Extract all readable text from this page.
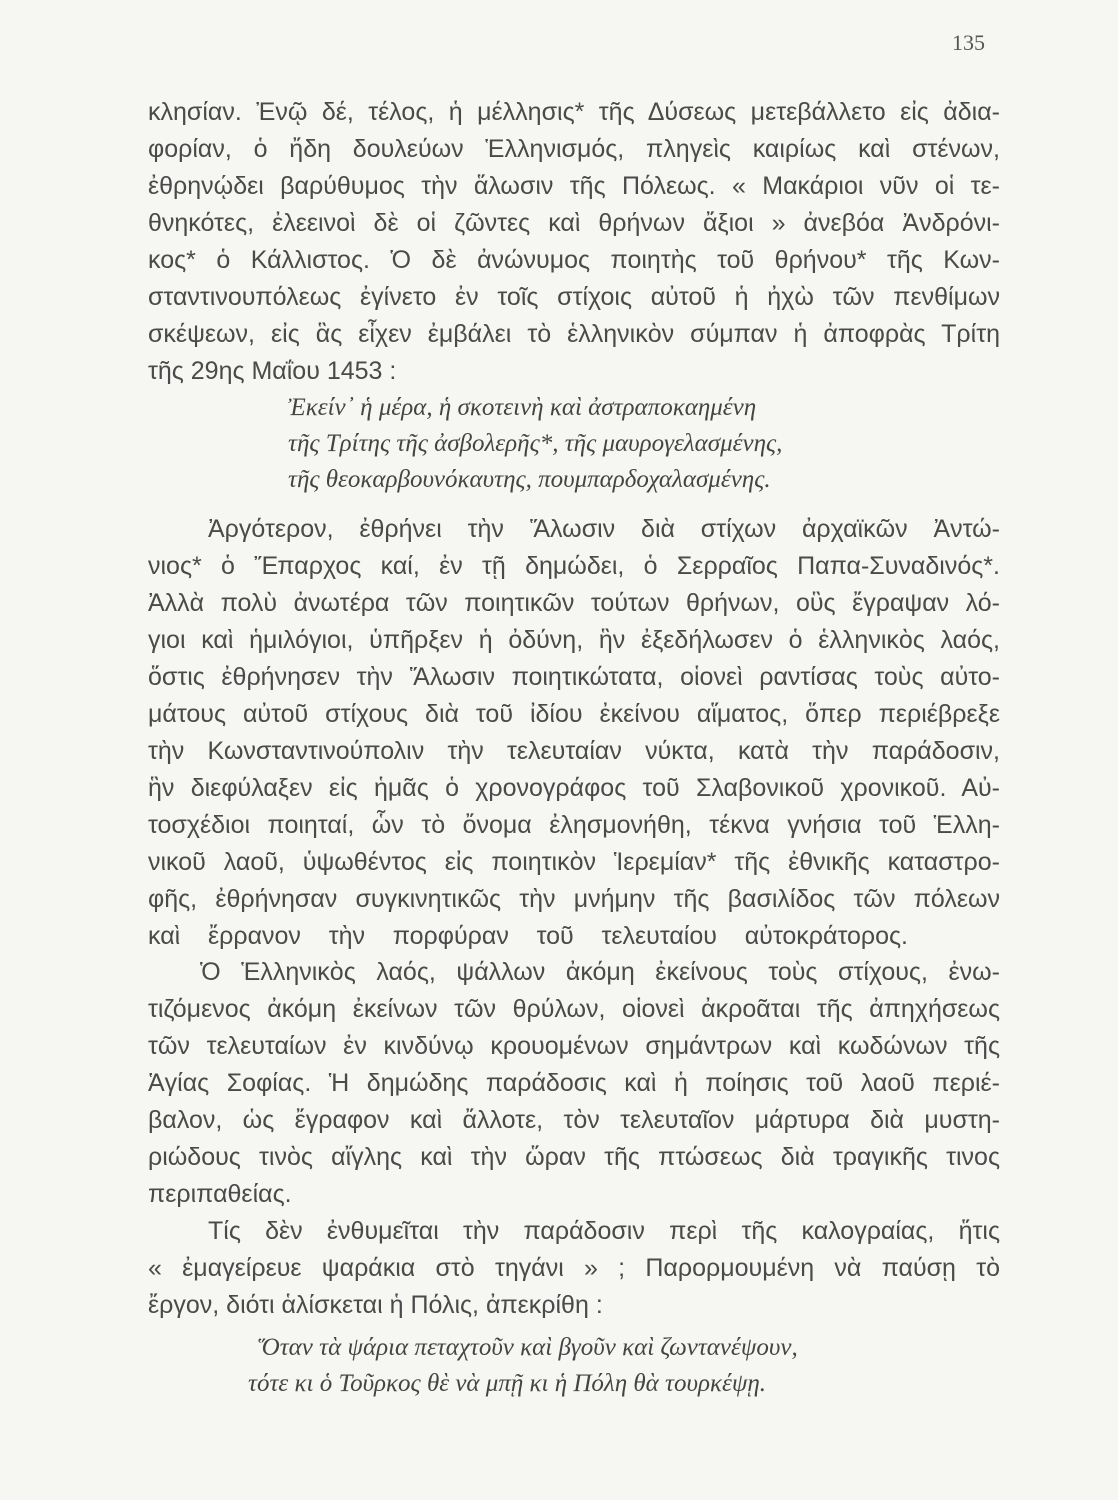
135
κλησίαν. Ἐνῷ δέ, τέλος, ἡ μέλλησις* τῆς Δύσεως μετεβάλλετο εἰς ἀδια-
φορίαν, ὁ ἤδη δουλεύων Ἑλληνισμός, πληγεὶς καιρίως καὶ στένων,
ἐθρηνῴδει βαρύθυμος τὴν ἅλωσιν τῆς Πόλεως. « Μακάριοι νῦν οἱ τε-
θνηκότες, ἐλεεινοὶ δὲ οἱ ζῶντες καὶ θρήνων ἄξιοι » ἀνεβόα Ἀνδρόνι-
κος* ὁ Κάλλιστος. Ὁ δὲ ἀνώνυμος ποιητὴς τοῦ θρήνου* τῆς Κων-
σταντινουπόλεως ἐγίνετο ἐν τοῖς στίχοις αὐτοῦ ἡ ἠχὼ τῶν πενθίμων
σκέψεων, εἰς ἃς εἶχεν ἐμβάλει τὸ ἑλληνικὸν σύμπαν ἡ ἀποφρὰς Τρίτη
τῆς 29ης Μαΐου 1453 :
Ἐκείν᾽ ἡ μέρα, ἡ σκοτεινὴ καὶ ἀστραποκαημένη
τῆς Τρίτης τῆς ἀσβολερῆς*, τῆς μαυρογελασμένης,
τῆς θεοκαρβουνόκαυτης, πουμπαρδοχαλασμένης.
Ἀργότερον, ἐθρήνει τὴν Ἅλωσιν διὰ στίχων ἀρχαϊκῶν Ἀντώ-
νιος* ὁ Ἔπαρχος καί, ἐν τῇ δημώδει, ὁ Σερραῖος Παπα-Συναδινός*.
Ἀλλὰ πολὺ ἀνωτέρα τῶν ποιητικῶν τούτων θρήνων, οὓς ἔγραψαν λό-
γιοι καὶ ἡμιλόγιοι, ὑπῆρξεν ἡ ὀδύνη, ἣν ἐξεδήλωσεν ὁ ἑλληνικὸς λαός,
ὅστις ἐθρήνησεν τὴν Ἅλωσιν ποιητικώτατα, οἱονεὶ ραντίσας τοὺς αὐτο-
μάτους αὐτοῦ στίχους διὰ τοῦ ἰδίου ἐκείνου αἵματος, ὅπερ περιέβρεξε
τὴν Κωνσταντινούπολιν τὴν τελευταίαν νύκτα, κατὰ τὴν παράδοσιν,
ἣν διεφύλαξεν εἰς ἡμᾶς ὁ χρονογράφος τοῦ Σλαβονικοῦ χρονικοῦ. Αὐ-
τοσχέδιοι ποιηταί, ὧν τὸ ὄνομα ἐλησμονήθη, τέκνα γνήσια τοῦ Ἑλλη-
νικοῦ λαοῦ, ὑψωθέντος εἰς ποιητικὸν Ἱερεμίαν* τῆς ἐθνικῆς καταστρο-
φῆς, ἐθρήνησαν συγκινητικῶς τὴν μνήμην τῆς βασιλίδος τῶν πόλεων
καὶ ἔρρανον τὴν πορφύραν τοῦ τελευταίου αὐτοκράτορος.
Ὁ Ἑλληνικὸς λαός, ψάλλων ἀκόμη ἐκείνους τοὺς στίχους, ἐνω-
τιζόμενος ἀκόμη ἐκείνων τῶν θρύλων, οἱονεὶ ἀκροᾶται τῆς ἀπηχήσεως
τῶν τελευταίων ἐν κινδύνῳ κρουομένων σημάντρων καὶ κωδώνων τῆς
Ἁγίας Σοφίας. Ἡ δημώδης παράδοσις καὶ ἡ ποίησις τοῦ λαοῦ περιέ-
βαλον, ὡς ἔγραφον καὶ ἄλλοτε, τὸν τελευταῖον μάρτυρα διὰ μυστη-
ριώδους τινὸς αἴγλης καὶ τὴν ὥραν τῆς πτώσεως διὰ τραγικῆς τινος
περιπαθείας.
Τίς δὲν ἐνθυμεῖται τὴν παράδοσιν περὶ τῆς καλογραίας, ἥτις
« ἐμαγείρευε ψαράκια στὸ τηγάνι » ; Παρορμουμένη νὰ παύσῃ τὸ
ἔργον, διότι ἁλίσκεται ἡ Πόλις, ἀπεκρίθη :
Ὅταν τὰ ψάρια πεταχτοῦν καὶ βγοῦν καὶ ζωντανέψουν,
τότε κι ὁ Τοῦρκος θὲ νὰ μπῇ κι ἡ Πόλη θὰ τουρκέψῃ.
